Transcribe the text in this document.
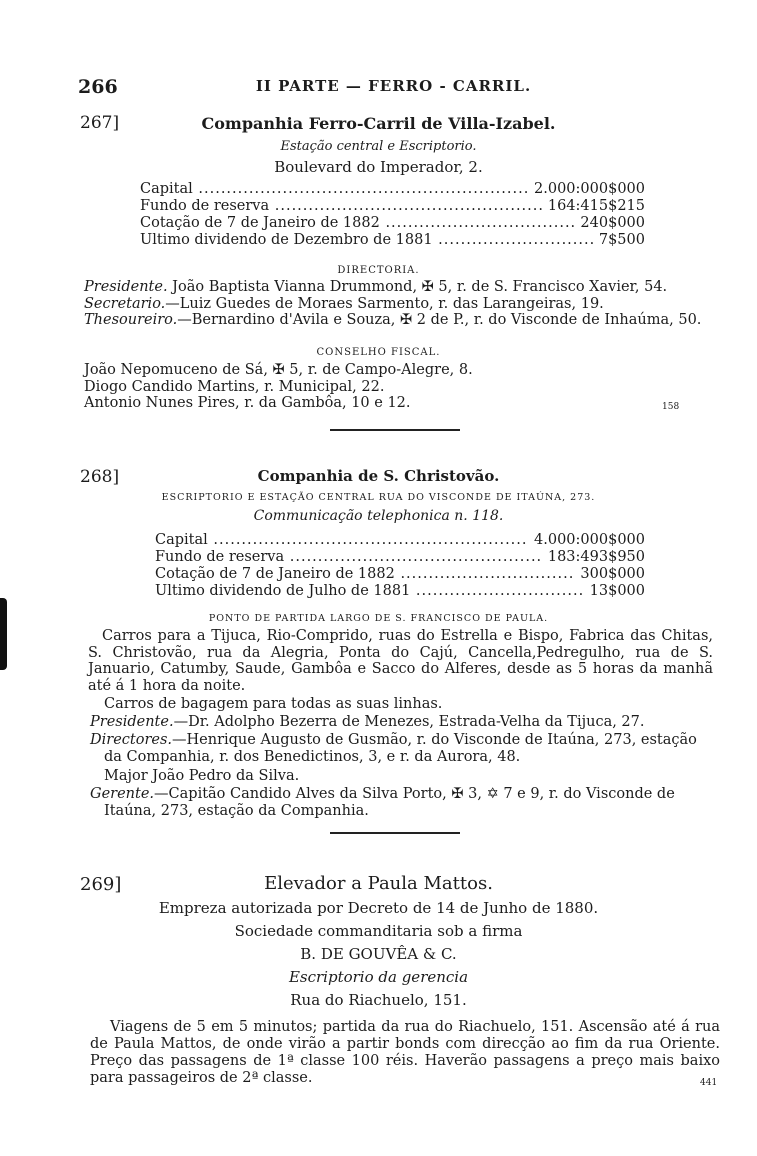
266	II PARTE — FERRO - CARRIL.
267]	Companhia Ferro-Carril de Villa-Izabel.
Estação central e Escriptorio.
Boulevard do Imperador, 2.
Capital .....	2.000:000$000
Fundo de reserva .....	164:415$215
Cotação de 7 de Janeiro de 1882 .....	240$000
Ultimo dividendo de Dezembro de 1881 .....	7$500
DIRECTORIA.
Presidente. João Baptista Vianna Drummond, ✠ 5, r. de S. Francisco Xavier, 54.
Secretario.—Luiz Guedes de Moraes Sarmento, r. das Larangeiras, 19.
Thesoureiro.—Bernardino d'Avila e Souza, ✠ 2 de P., r. do Visconde de Inhaúma, 50.
CONSELHO FISCAL.
João Nepomuceno de Sá, ✠ 5, r. de Campo-Alegre, 8.
Diogo Candido Martins, r. Municipal, 22.
Antonio Nunes Pires, r. da Gambôa, 10 e 12.	158
268]	Companhia de S. Christovão.
ESCRIPTORIO E ESTAÇÃO CENTRAL RUA DO VISCONDE DE ITAÚNA, 273.
Communicação telephonica n. 118.
Capital .....	4.000:000$000
Fundo de reserva .....	183:493$950
Cotação de 7 de Janeiro de 1882 .....	300$000
Ultimo dividendo de Julho de 1881 .....	13$000
PONTO DE PARTIDA LARGO DE S. FRANCISCO DE PAULA.
Carros para a Tijuca, Rio-Comprido, ruas do Estrella e Bispo, Fabrica das Chitas, S. Christovão, rua da Alegria, Ponta do Cajú, Cancella,Pedregulho, rua de S. Januario, Catumby, Saude, Gambôa e Sacco do Alferes, desde as 5 horas da manhã até á 1 hora da noite.
Carros de bagagem para todas as suas linhas.
Presidente.—Dr. Adolpho Bezerra de Menezes, Estrada-Velha da Tijuca, 27.
Directores.—Henrique Augusto de Gusmão, r. do Visconde de Itaúna, 273, estação da Companhia, r. dos Benedictinos, 3, e r. da Aurora, 48.
Major João Pedro da Silva.
Gerente.—Capitão Candido Alves da Silva Porto, ✠ 3, ✡ 7 e 9, r. do Visconde de Itaúna, 273, estação da Companhia.
269]	Elevador a Paula Mattos.
Empreza autorizada por Decreto de 14 de Junho de 1880.
Sociedade commanditaria sob a firma
B. DE GOUVÊA & C.
Escriptorio da gerencia
Rua do Riachuelo, 151.
Viagens de 5 em 5 minutos; partida da rua do Riachuelo, 151. Ascensão até á rua de Paula Mattos, de onde virão a partir bonds com direcção ao fim da rua Oriente. Preço das passagens de 1ª classe 100 réis. Haverão passagens a preço mais baixo para passageiros de 2ª classe.	441
